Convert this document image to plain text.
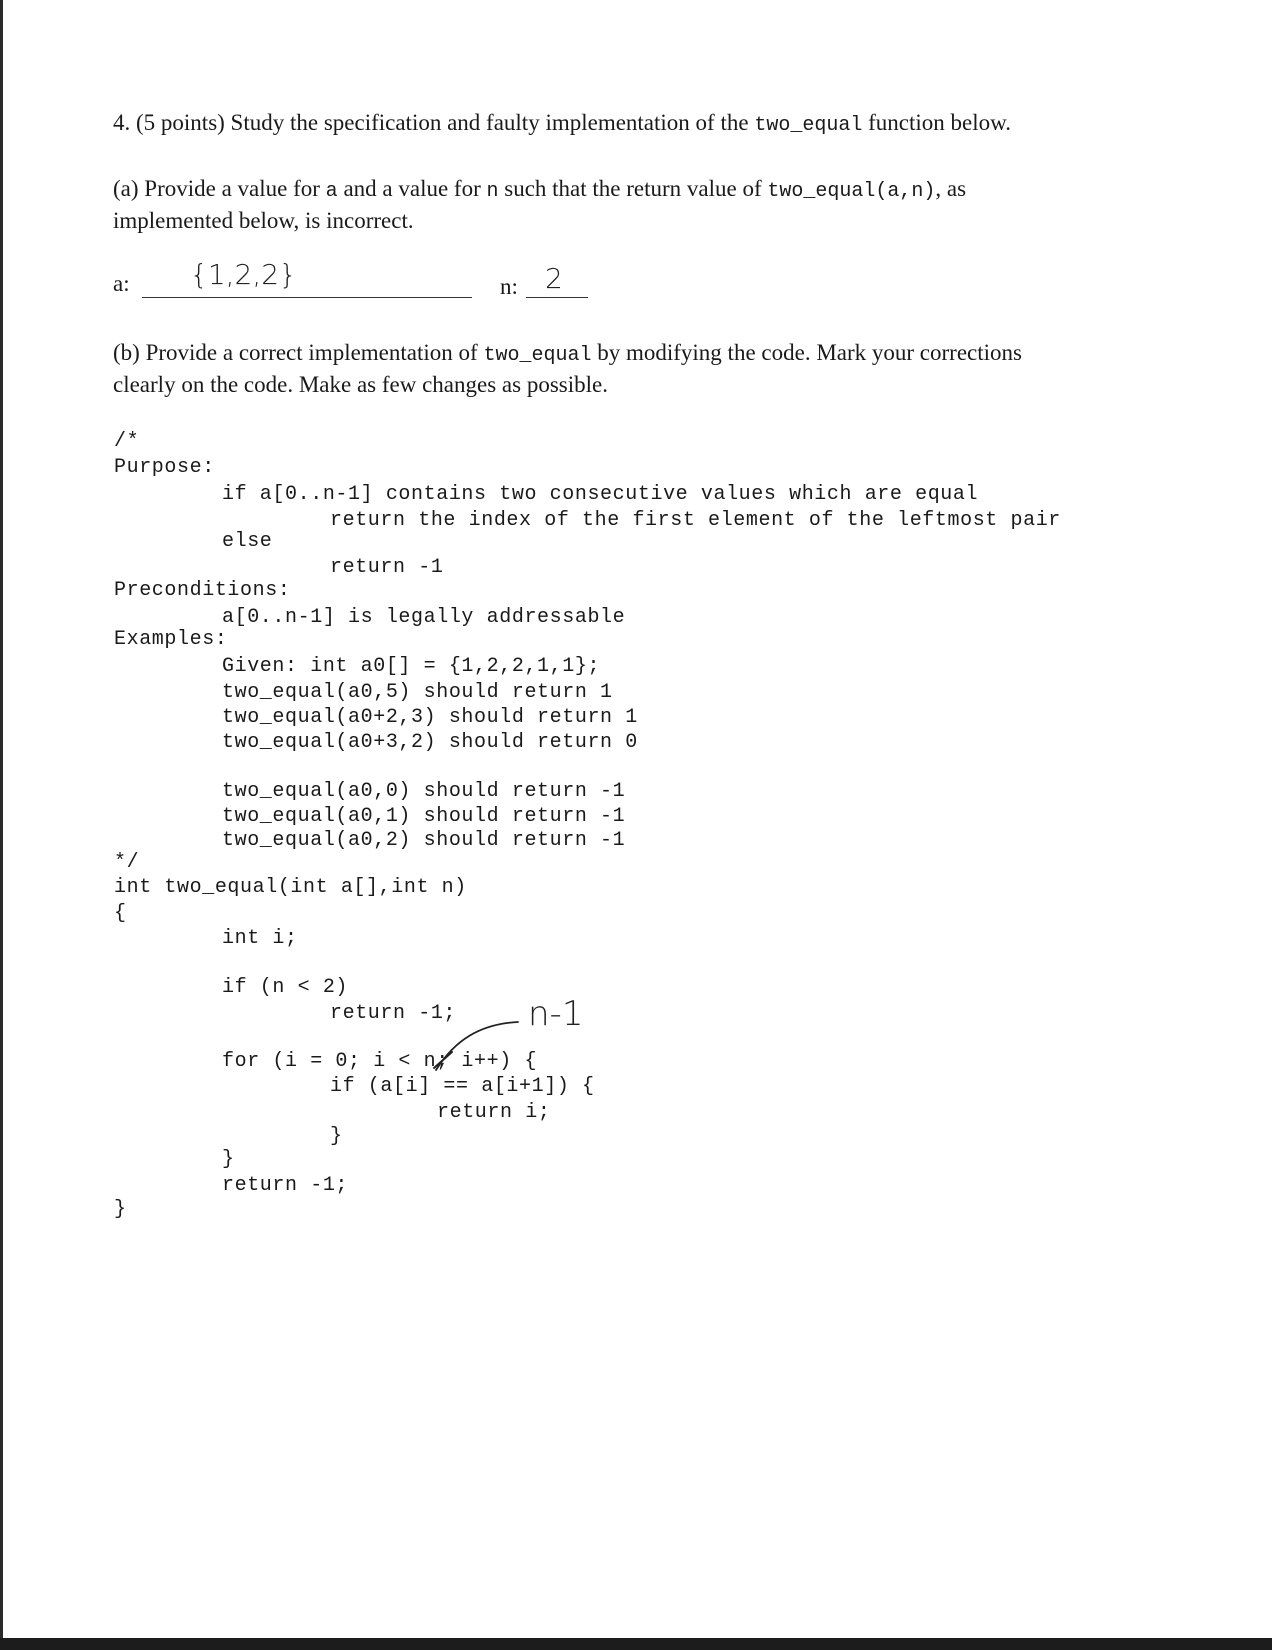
4. (5 points) Study the specification and faulty implementation of the two_equal function below.
(a) Provide a value for a and a value for n such that the return value of two_equal(a,n), as
implemented below, is incorrect.
a: {1,2,2}	n: 2
(b) Provide a correct implementation of two_equal by modifying the code. Mark your corrections
clearly on the code. Make as few changes as possible.
/*
Purpose:
if a[0..n-1] contains two consecutive values which are equal
return the index of the first element of the leftmost pair
else
return -1
Preconditions:
a[0..n-1] is legally addressable
Examples:
Given: int a0[] = {1,2,2,1,1};
two_equal(a0,5) should return 1
two_equal(a0+2,3) should return 1
two_equal(a0+3,2) should return 0
two_equal(a0,0) should return -1
two_equal(a0,1) should return -1
two_equal(a0,2) should return -1
*/
int two_equal(int a[],int n)
{
int i;
if (n < 2)
return -1;
for (i = 0; i < n; i++) {
if (a[i] == a[i+1]) {
return i;
}
}
return -1;
}
n-1
